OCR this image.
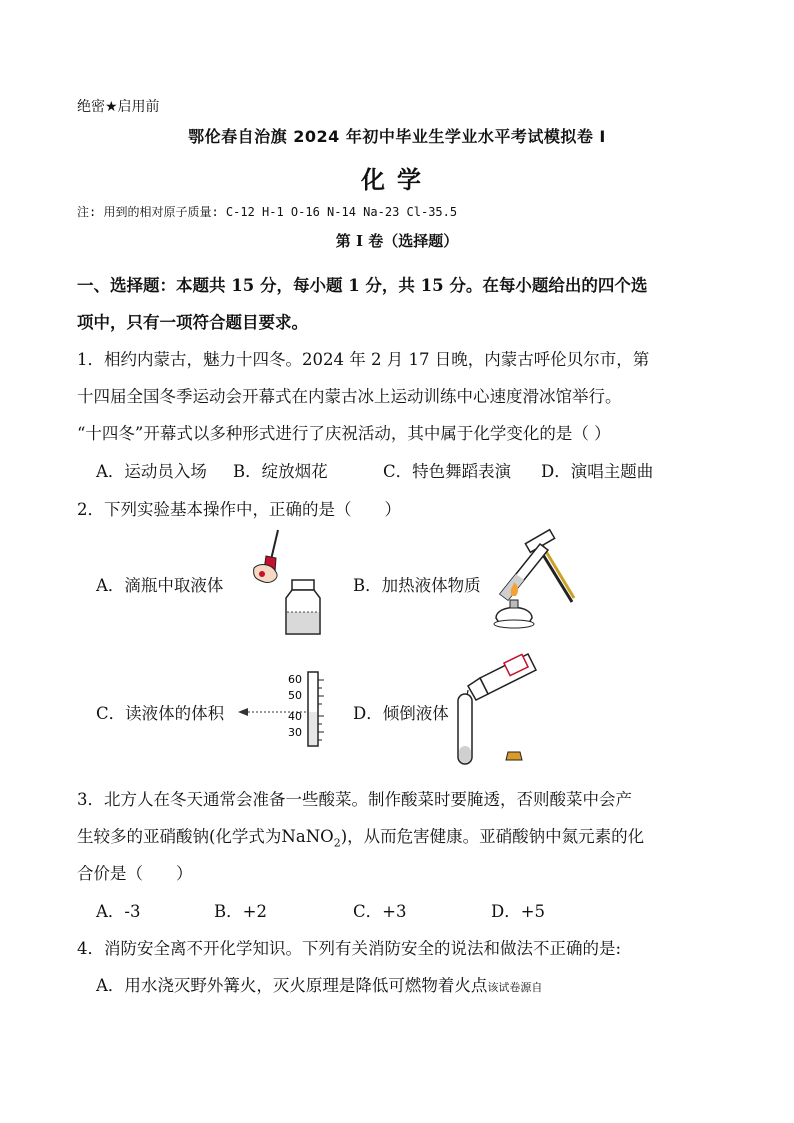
绝密★启用前
鄂伦春自治旗 2024 年初中毕业生学业水平考试模拟卷 I
化学
注: 用到的相对原子质量: C-12 H-1 O-16 N-14 Na-23 Cl-35.5
第 I 卷（选择题）
一、选择题：本题共 15 分，每小题 1 分，共 15 分。在每小题给出的四个选
项中，只有一项符合题目要求。
1．相约内蒙古，魅力十四冬。2024 年 2 月 17 日晚，内蒙古呼伦贝尔市，第
十四届全国冬季运动会开幕式在内蒙古冰上运动训练中心速度滑冰馆举行。
“十四冬”开幕式以多种形式进行了庆祝活动，其中属于化学变化的是（ ）
A．运动员入场 B．绽放烟花	C．特色舞蹈表演 D．演唱主题曲
2．下列实验基本操作中，正确的是（　　）
A．滴瓶中取液体	B．加热液体物质
C．读液体的体积	D．倾倒液体
60
50
40
30
3．北方人在冬天通常会准备一些酸菜。制作酸菜时要腌透，否则酸菜中会产
生较多的亚硝酸钠(化学式为NaNO$_2$)，从而危害健康。亚硝酸钠中氮元素的化
合价是（　　）
A．-3	B．+2	C．+3	D．+5
4．消防安全离不开化学知识。下列有关消防安全的说法和做法不正确的是:
A．用水浇灭野外篝火，灭火原理是降低可燃物着火点该试卷源自
